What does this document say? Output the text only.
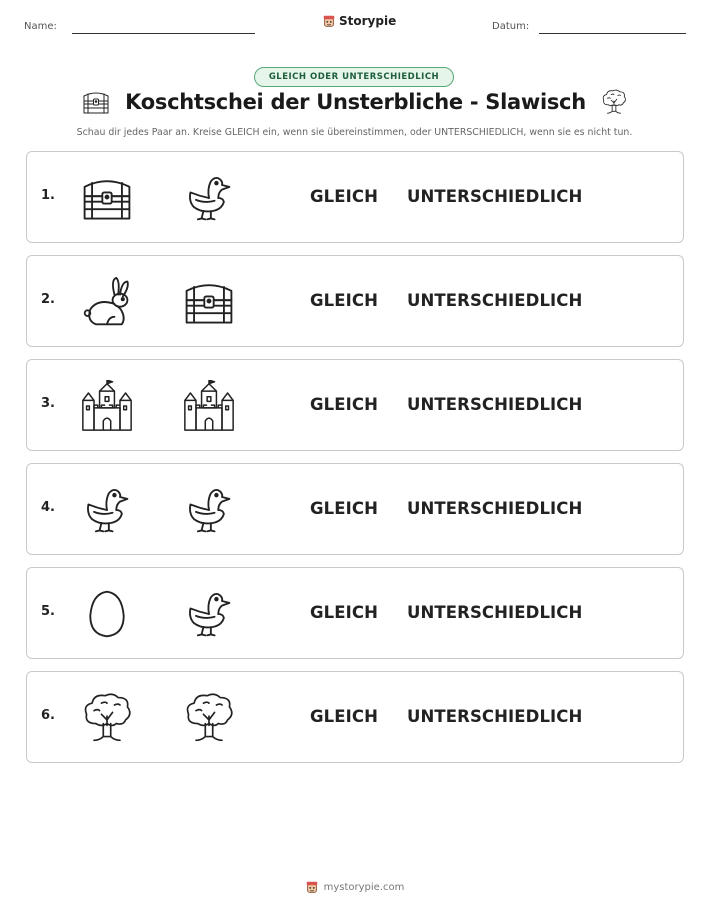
Name:	Storypie	Datum:
GLEICH ODER UNTERSCHIEDLICH
Koschtschei der Unsterbliche - Slawisch
Schau dir jedes Paar an. Kreise GLEICH ein, wenn sie übereinstimmen, oder UNTERSCHIEDLICH, wenn sie es nicht tun.
1.	GLEICH UNTERSCHIEDLICH
2.	GLEICH UNTERSCHIEDLICH
3.	GLEICH UNTERSCHIEDLICH
4.	GLEICH UNTERSCHIEDLICH
5.	GLEICH UNTERSCHIEDLICH
6.	GLEICH UNTERSCHIEDLICH
mystorypie.com
